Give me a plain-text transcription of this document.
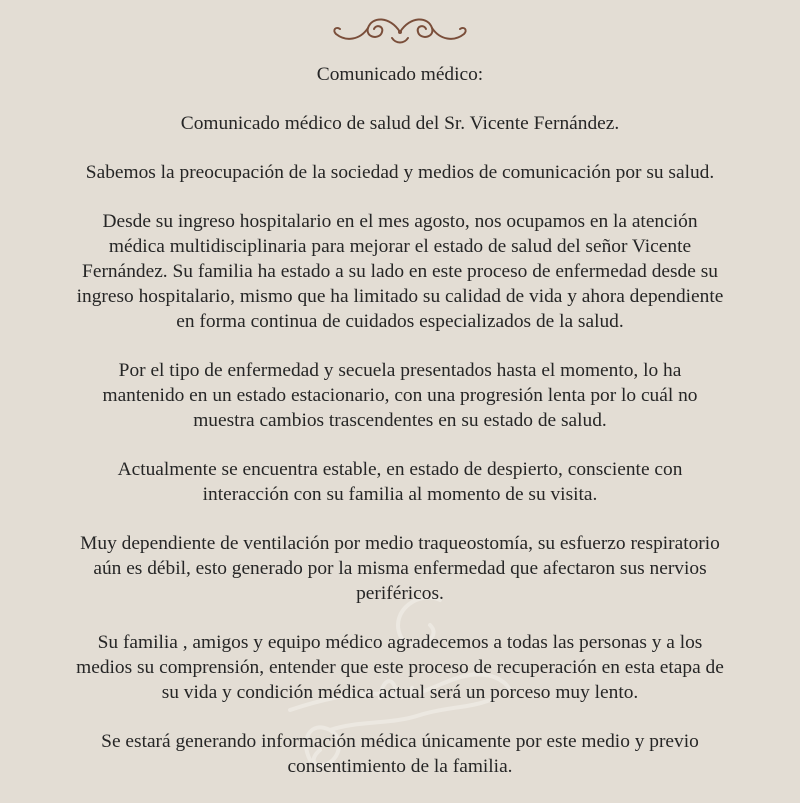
Comunicado médico:

Comunicado médico de salud del Sr. Vicente Fernández.

Sabemos la preocupación de la sociedad y medios de comunicación por su salud.

Desde su ingreso hospitalario en el mes agosto, nos ocupamos en la atención
médica multidisciplinaria para mejorar el estado de salud del señor Vicente
Fernández. Su familia ha estado a su lado en este proceso de enfermedad desde su
ingreso hospitalario, mismo que ha limitado su calidad de vida y ahora dependiente
en forma continua de cuidados especializados de la salud.

Por el tipo de enfermedad y secuela presentados hasta el momento, lo ha
mantenido en un estado estacionario, con una progresión lenta por lo cuál no
muestra cambios trascendentes en su estado de salud.

Actualmente se encuentra estable, en estado de despierto, consciente con
interacción con su familia al momento de su visita.

Muy dependiente de ventilación por medio traqueostomía, su esfuerzo respiratorio
aún es débil, esto generado por la misma enfermedad que afectaron sus nervios
periféricos.

Su familia , amigos y equipo médico agradecemos a todas las personas y a los
medios su comprensión, entender que este proceso de recuperación en esta etapa de
su vida y condición médica actual será un porceso muy lento.

Se estará generando información médica únicamente por este medio y previo
consentimiento de la familia.
